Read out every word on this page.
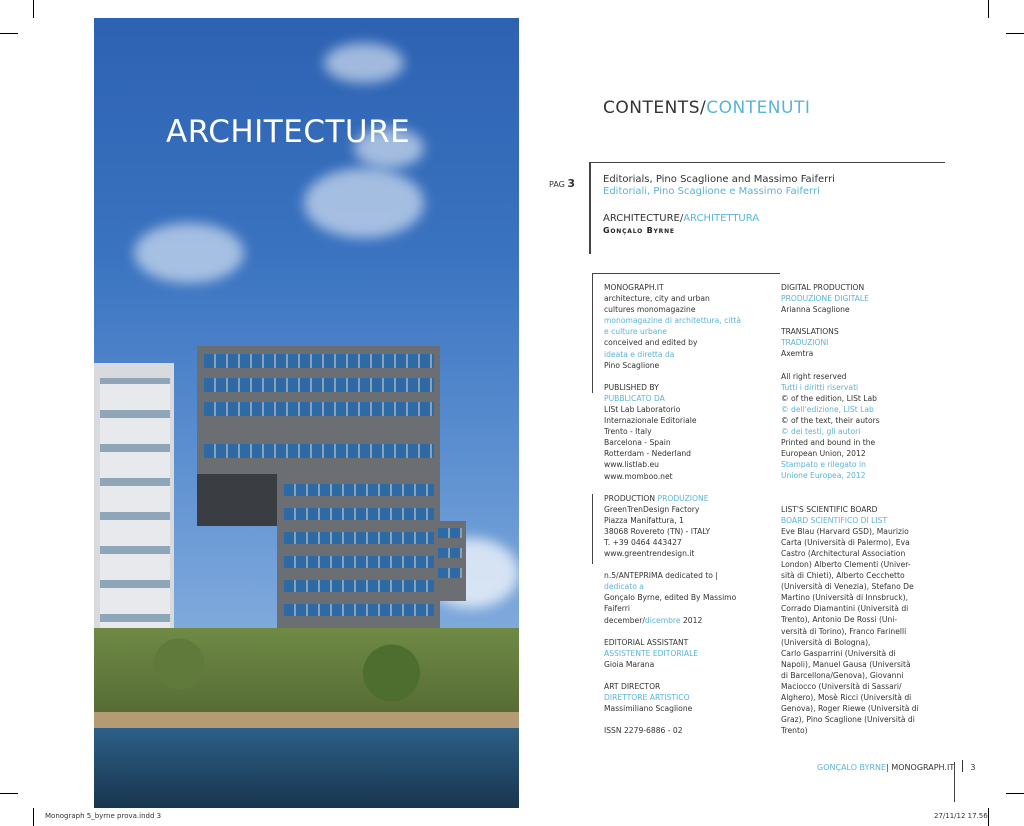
ARCHITECTURE
CONTENTS/CONTENUTI
PAG 3	Editorials, Pino Scaglione and Massimo Faiferri
Editoriali, Pino Scaglione e Massimo Faiferri
ARCHITECTURE/ARCHITETTURA
Gonçalo Byrne
MONOGRAPH.IT
architecture, city and urban
cultures monomagazine
monomagazine di architettura, città
e culture urbane
conceived and edited by
ideata e diretta da
Pino Scaglione
PUBLISHED BY
PUBBLICATO DA
LISt Lab Laboratorio
Internazionale Editoriale
Trento - Italy
Barcelona - Spain
Rotterdam - Nederland
www.listlab.eu
www.momboo.net
PRODUCTION PRODUZIONE
GreenTrenDesign Factory
Piazza Manifattura, 1
38068 Rovereto (TN) - ITALY
T. +39 0464 443427
www.greentrendesign.it
n.5/ANTEPRIMA dedicated to |
dedicato a
Gonçalo Byrne, edited By Massimo
Faiferri
december/dicembre 2012
EDITORIAL ASSISTANT
ASSISTENTE EDITORIALE
Gioia Marana
ART DIRECTOR
DIRETTORE ARTISTICO
Massimiliano Scaglione
ISSN 2279-6886 - 02
DIGITAL PRODUCTION
PRODUZIONE DIGITALE
Arianna Scaglione
TRANSLATIONS
TRADUZIONI
Axemtra
All right reserved
Tutti i diritti riservati
© of the edition, LISt Lab
© dell'edizione, LISt Lab
© of the text, their autors
© dei testi, gli autori
Printed and bound in the
European Union, 2012
Stampato e rilegato in
Unione Europea, 2012
LIST'S SCIENTIFIC BOARD
BOARD SCIENTIFICO DI LIST
Eve Blau (Harvard GSD), Maurizio
Carta (Università di Palermo), Eva
Castro (Architectural Association
London) Alberto Clementi (Univer-
sità di Chieti), Alberto Cecchetto
(Università di Venezia), Stefano De
Martino (Università di Innsbruck),
Corrado Diamantini (Università di
Trento), Antonio De Rossi (Uni-
versità di Torino), Franco Farinelli
(Università di Bologna),
Carlo Gasparrini (Università di
Napoli), Manuel Gausa (Università
di Barcellona/Genova), Giovanni
Maciocco (Università di Sassari/
Alghero), Mosè Ricci (Università di
Genova), Roger Riewe (Università di
Graz), Pino Scaglione (Università di
Trento)
GONÇALO BYRNE| MONOGRAPH.IT 3
Monograph 5_byrne prova.indd 3	27/11/12 17.56
